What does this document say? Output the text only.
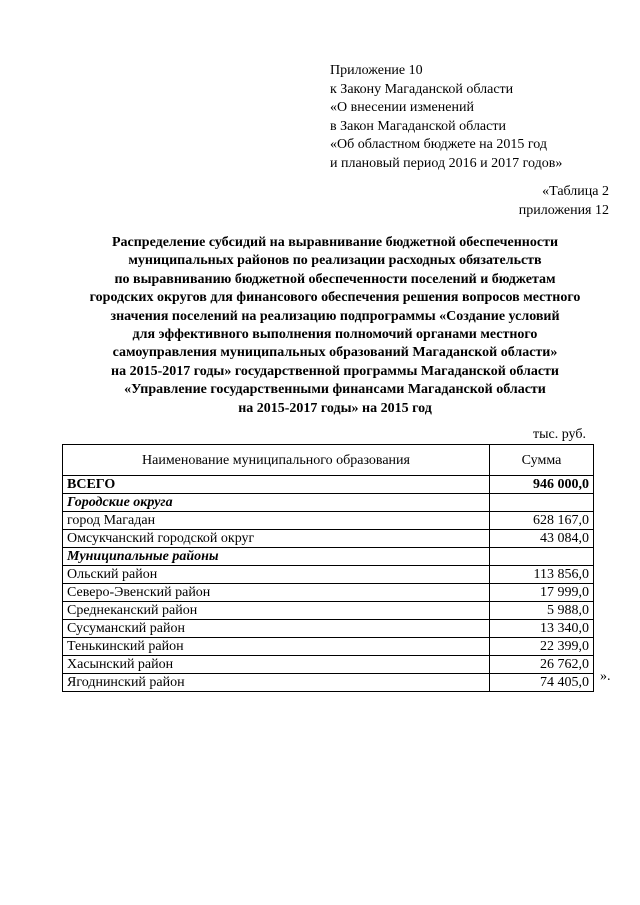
Приложение 10
к Закону Магаданской области
«О внесении изменений
в Закон Магаданской области
«Об областном бюджете на 2015 год
и плановый период 2016 и 2017 годов»
«Таблица 2
приложения 12
Распределение субсидий на выравнивание бюджетной обеспеченности
муниципальных районов по реализации расходных обязательств
по выравниванию бюджетной обеспеченности поселений и бюджетам
городских округов для финансового обеспечения решения вопросов местного
значения поселений на реализацию подпрограммы «Создание условий
для эффективного выполнения полномочий органами местного
самоуправления муниципальных образований Магаданской области»
на 2015-2017 годы» государственной программы Магаданской области
«Управление государственными финансами Магаданской области
на 2015-2017 годы» на 2015 год
тыс. руб.
Наименование муниципального образования	Сумма
ВСЕГО	946 000,0
Городские округа	
город Магадан	628 167,0
Омсукчанский городской округ	43 084,0
Муниципальные районы	
Ольский район	113 856,0
Северо-Эвенский район	17 999,0
Среднеканский район	5 988,0
Сусуманский район	13 340,0
Тенькинский район	22 399,0
Хасынский район	26 762,0
Ягоднинский район	74 405,0 ».
